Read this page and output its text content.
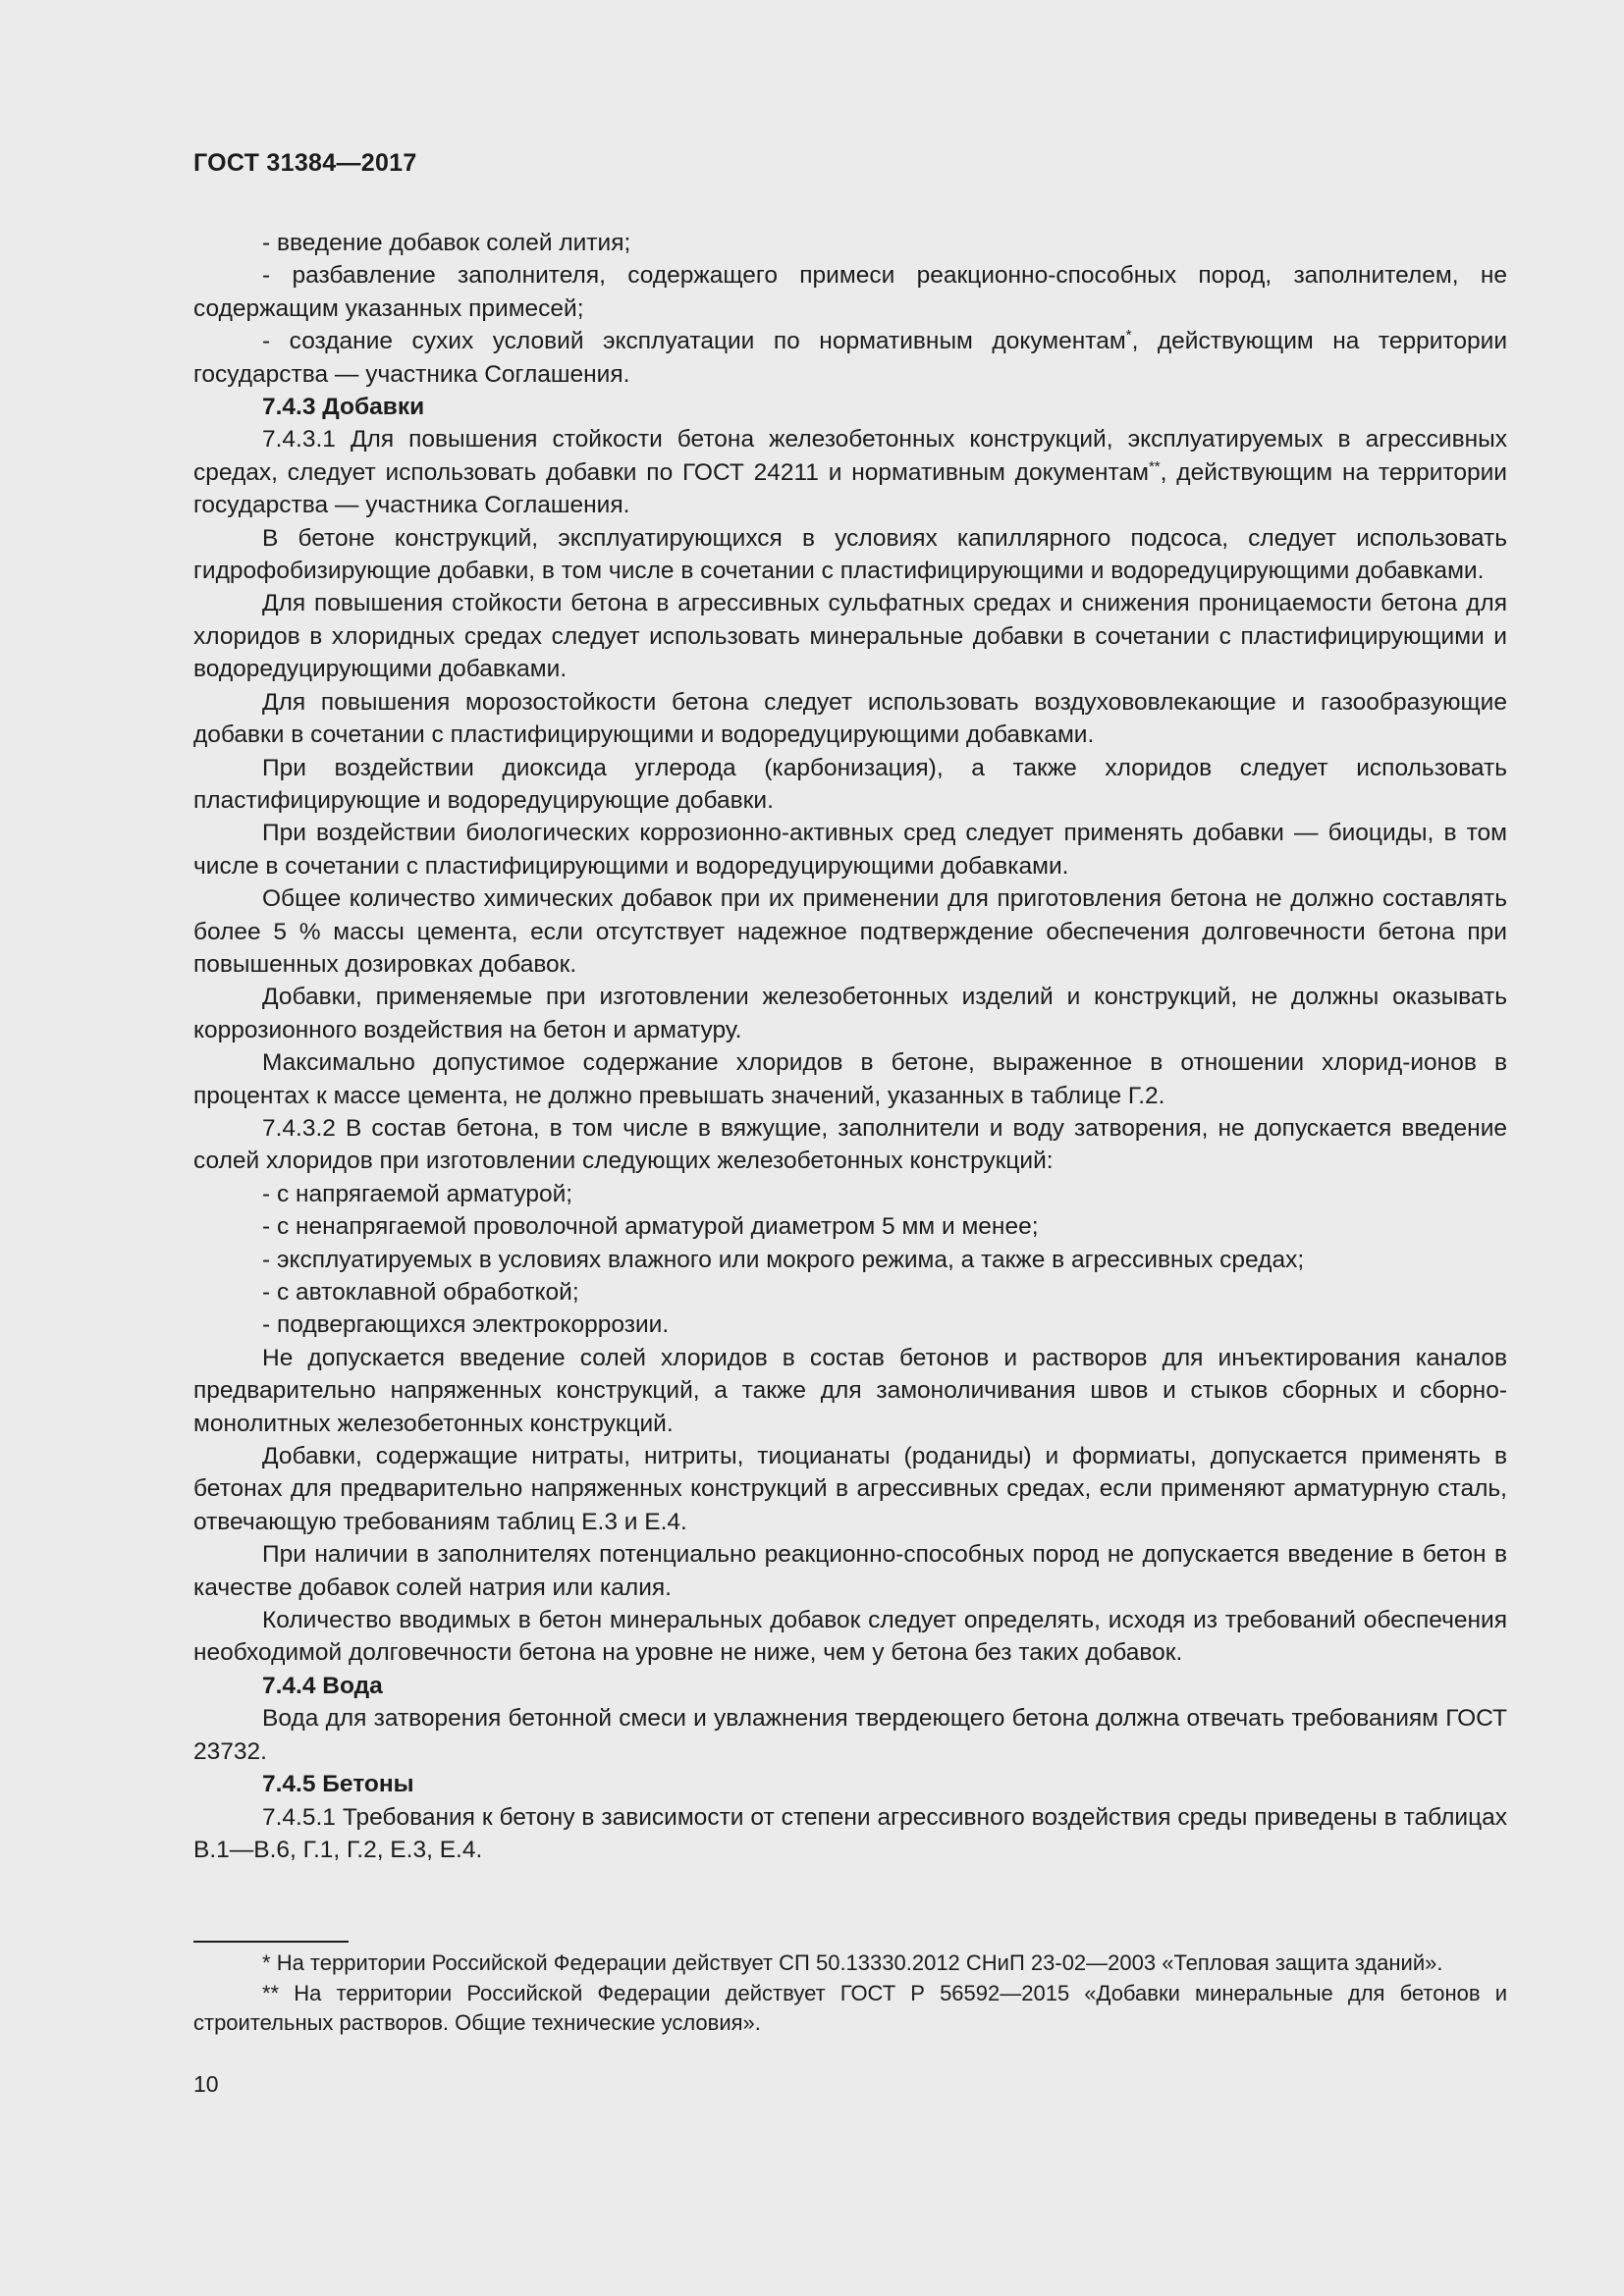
ГОСТ 31384—2017

- введение добавок солей лития;

- разбавление заполнителя, содержащего примеси реакционно-способных пород, заполнителем, не содержащим указанных примесей;

- создание сухих условий эксплуатации по нормативным документам*, действующим на территории государства — участника Соглашения.

7.4.3 Добавки

7.4.3.1 Для повышения стойкости бетона железобетонных конструкций, эксплуатируемых в агрессивных средах, следует использовать добавки по ГОСТ 24211 и нормативным документам**, действующим на территории государства — участника Соглашения.

В бетоне конструкций, эксплуатирующихся в условиях капиллярного подсоса, следует использовать гидрофобизирующие добавки, в том числе в сочетании с пластифицирующими и водоредуцирующими добавками.

Для повышения стойкости бетона в агрессивных сульфатных средах и снижения проницаемости бетона для хлоридов в хлоридных средах следует использовать минеральные добавки в сочетании с пластифицирующими и водоредуцирующими добавками.

Для повышения морозостойкости бетона следует использовать воздухововлекающие и газообразующие добавки в сочетании с пластифицирующими и водоредуцирующими добавками.

При воздействии диоксида углерода (карбонизация), а также хлоридов следует использовать пластифицирующие и водоредуцирующие добавки.

При воздействии биологических коррозионно-активных сред следует применять добавки — биоциды, в том числе в сочетании с пластифицирующими и водоредуцирующими добавками.

Общее количество химических добавок при их применении для приготовления бетона не должно составлять более 5 % массы цемента, если отсутствует надежное подтверждение обеспечения долговечности бетона при повышенных дозировках добавок.

Добавки, применяемые при изготовлении железобетонных изделий и конструкций, не должны оказывать коррозионного воздействия на бетон и арматуру.

Максимально допустимое содержание хлоридов в бетоне, выраженное в отношении хлорид-ионов в процентах к массе цемента, не должно превышать значений, указанных в таблице Г.2.

7.4.3.2 В состав бетона, в том числе в вяжущие, заполнители и воду затворения, не допускается введение солей хлоридов при изготовлении следующих железобетонных конструкций:

- с напрягаемой арматурой;

- с ненапрягаемой проволочной арматурой диаметром 5 мм и менее;

- эксплуатируемых в условиях влажного или мокрого режима, а также в агрессивных средах;

- с автоклавной обработкой;

- подвергающихся электрокоррозии.

Не допускается введение солей хлоридов в состав бетонов и растворов для инъектирования каналов предварительно напряженных конструкций, а также для замоноличивания швов и стыков сборных и сборно-монолитных железобетонных конструкций.

Добавки, содержащие нитраты, нитриты, тиоцианаты (роданиды) и формиаты, допускается применять в бетонах для предварительно напряженных конструкций в агрессивных средах, если применяют арматурную сталь, отвечающую требованиям таблиц Е.3 и Е.4.

При наличии в заполнителях потенциально реакционно-способных пород не допускается введение в бетон в качестве добавок солей натрия или калия.

Количество вводимых в бетон минеральных добавок следует определять, исходя из требований обеспечения необходимой долговечности бетона на уровне не ниже, чем у бетона без таких добавок.

7.4.4 Вода

Вода для затворения бетонной смеси и увлажнения твердеющего бетона должна отвечать требованиям ГОСТ 23732.

7.4.5 Бетоны

7.4.5.1 Требования к бетону в зависимости от степени агрессивного воздействия среды приведены в таблицах В.1—В.6, Г.1, Г.2, Е.3, Е.4.

* На территории Российской Федерации действует СП 50.13330.2012 СНиП 23-02—2003 «Тепловая защита зданий».

** На территории Российской Федерации действует ГОСТ Р 56592—2015 «Добавки минеральные для бетонов и строительных растворов. Общие технические условия».

10
